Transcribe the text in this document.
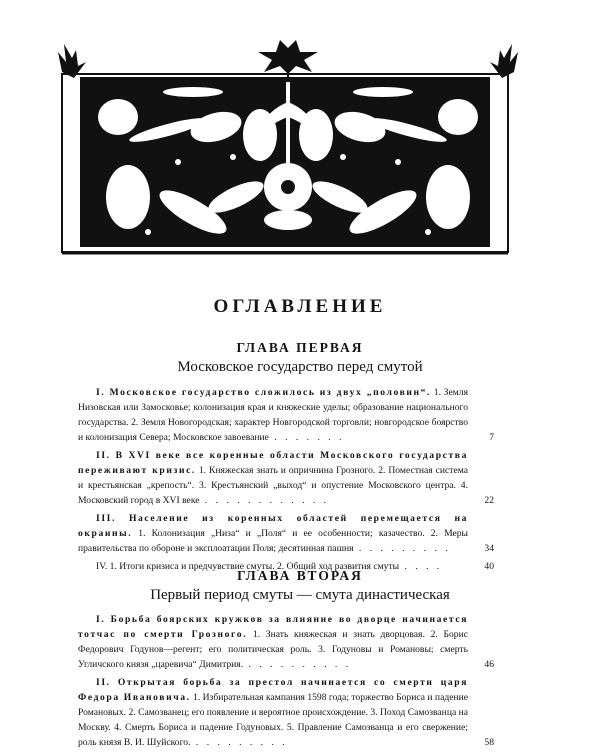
ОГЛАВЛЕНИЕ
ГЛАВА ПЕРВАЯ
Московское государство перед смутой
I. Московское государство сложилось из двух „половин“. 1. Земля Низовская или Замосковье; колонизация края и княжеские уделы; образование национального государства. 2. Земля Новогородская; характер Новгородской торговли; новгородское боярство и колонизация Севера; Московское завоевание . . . . . . .	7
II. В XVI веке все коренные области Московского государства переживают кризис. 1. Княжеская знать и опричнина Грозного. 2. Поместная система и крестьянская „крепость“. 3. Крестьянский „выход“ и опустение Московского центра. 4. Московский город в XVI веке . . . . . . . . . . . .	22
III. Население из коренных областей перемещается на окраины. 1. Колонизация „Низа“ и „Поля“ и ее особенности; казачество. 2. Меры правительства по обороне и эксплоатации Поля; десятинная пашня . . . . . . . . .	34
IV. 1. Итоги кризиса и предчувствие смуты. 2. Общий ход развития смуты . . . .	40
ГЛАВА ВТОРАЯ
Первый период смуты — смута династическая
I. Борьба боярских кружков за влияние во дворце начинается тотчас по смерти Грозного. 1. Знать княжеская и знать дворцовая. 2. Борис Федорович Годунов—регент; его политическая роль. 3. Годуновы и Романовы; смерть Угличского князя „царевича“ Димитрия. . . . . . . . . . .	46
II. Открытая борьба за престол начинается со смерти царя Федора Ивановича. 1. Избирательная кампания 1598 года; торжество Бориса и падение Романовых. 2. Самозванец; его появление и вероятное происхождение. 3. Поход Самозванца на Москву. 4. Смерть Бориса и падение Годуновых. 5. Правление Самозванца и его свержение; роль князя В. И. Шуйского. . . . . . . . . .	58
